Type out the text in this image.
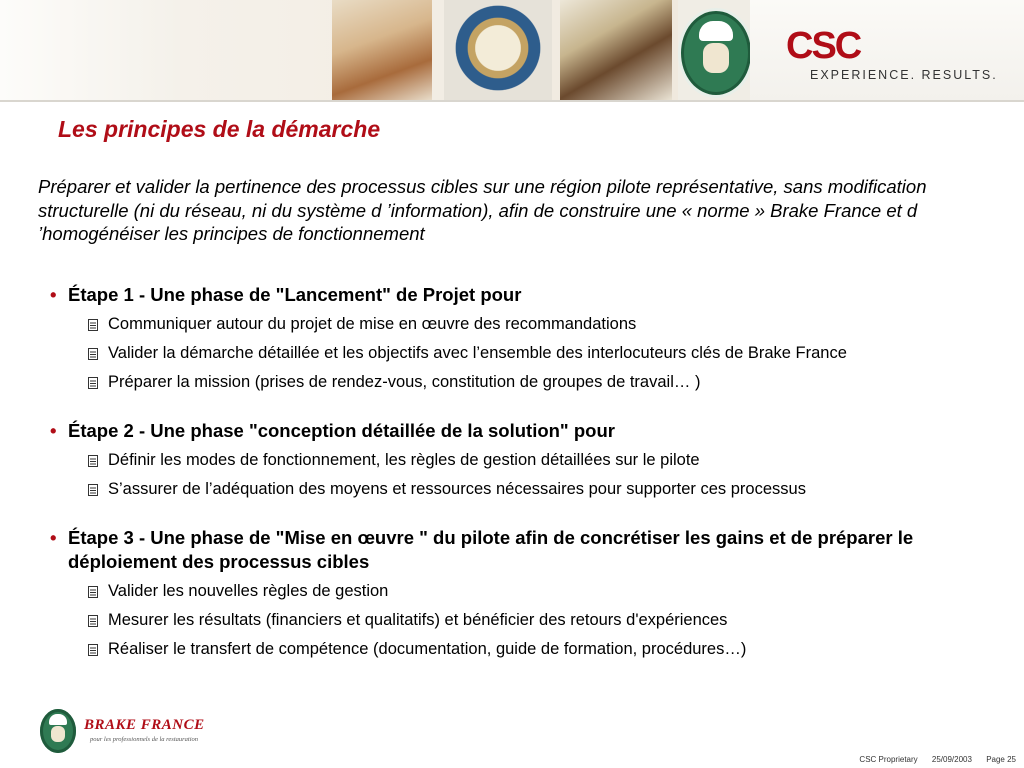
CSC
EXPERIENCE. RESULTS.
Les principes de la démarche
Préparer et valider la pertinence des processus cibles sur une région pilote représentative, sans modification structurelle (ni du réseau, ni du système d ’information), afin de construire une « norme » Brake France et d ’homogénéiser les principes de fonctionnement
• Étape 1 - Une phase de "Lancement" de Projet pour
Communiquer autour du projet de mise en œuvre des recommandations
Valider la démarche détaillée et les objectifs avec l’ensemble des interlocuteurs clés de Brake France
Préparer la mission (prises de rendez-vous, constitution de groupes de travail… )
• Étape 2 - Une phase "conception détaillée de la solution" pour
Définir les modes de fonctionnement, les règles de gestion détaillées sur le pilote
S’assurer de l’adéquation des moyens et ressources nécessaires pour supporter ces processus
• Étape 3 - Une phase de "Mise en œuvre " du pilote afin de concrétiser les gains et de préparer le déploiement des processus cibles
Valider les nouvelles règles de gestion
Mesurer les résultats (financiers et qualitatifs) et bénéficier des retours d'expériences
Réaliser le transfert de compétence (documentation, guide de formation, procédures…)
BRAKE FRANCE
pour les professionnels de la restauration
CSC Proprietary 25/09/2003 Page 25
